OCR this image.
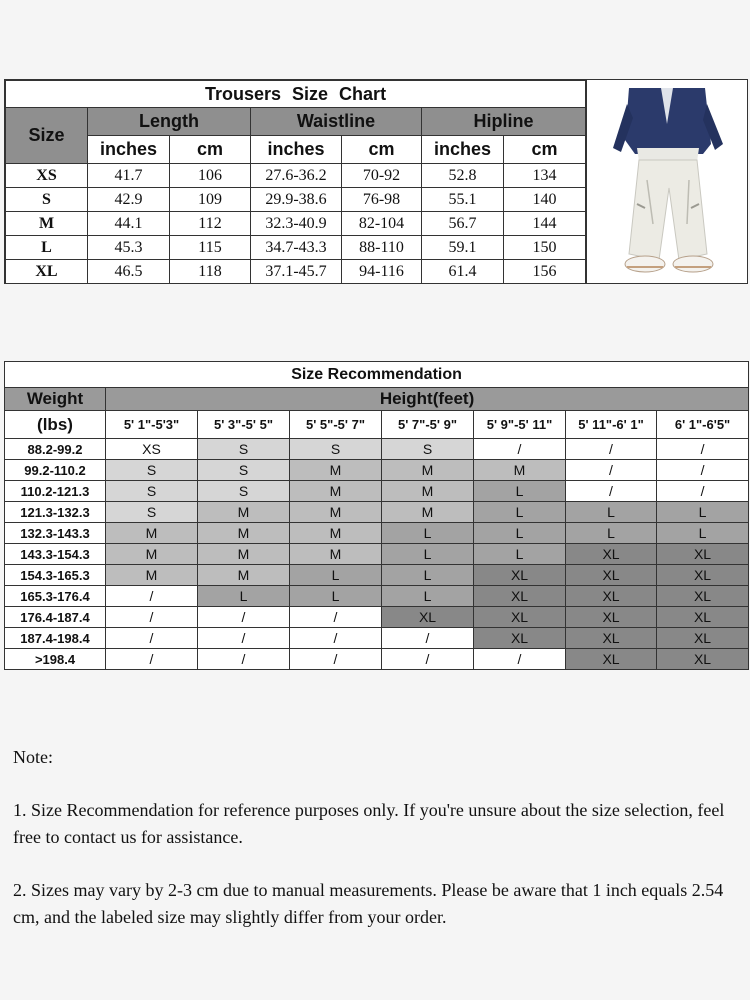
Trousers Size Chart						
Size	Length		Waistline		Hipline	
	inches	cm	inches	cm	inches	cm
XS	41.7	106	27.6-36.2	70-92	52.8	134
S	42.9	109	29.9-38.6	76-98	55.1	140
M	44.1	112	32.3-40.9	82-104	56.7	144
L	45.3	115	34.7-43.3	88-110	59.1	150
XL	46.5	118	37.1-45.7	94-116	61.4	156
Size Recommendation							
Weight	Height(feet)						
(lbs)	5' 1"-5'3"	5' 3"-5' 5"	5' 5"-5' 7"	5' 7"-5' 9"	5' 9"-5' 11"	5' 11"-6' 1"	6' 1"-6'5"
88.2-99.2	XS	S	S	S	/	/	/
99.2-110.2	S	S	M	M	M	/	/
110.2-121.3	S	S	M	M	L	/	/
121.3-132.3	S	M	M	M	L	L	L
132.3-143.3	M	M	M	L	L	L	L
143.3-154.3	M	M	M	L	L	XL	XL
154.3-165.3	M	M	L	L	XL	XL	XL
165.3-176.4	/	L	L	L	XL	XL	XL
176.4-187.4	/	/	/	XL	XL	XL	XL
187.4-198.4	/	/	/	/	XL	XL	XL
>198.4	/	/	/	/	/	XL	XL

Note:

1. Size Recommendation for reference purposes only. If you're unsure about the size selection, feel free to contact us for assistance.

2. Sizes may vary by 2-3 cm due to manual measurements. Please be aware that 1 inch equals 2.54 cm, and the labeled size may slightly differ from your order.
